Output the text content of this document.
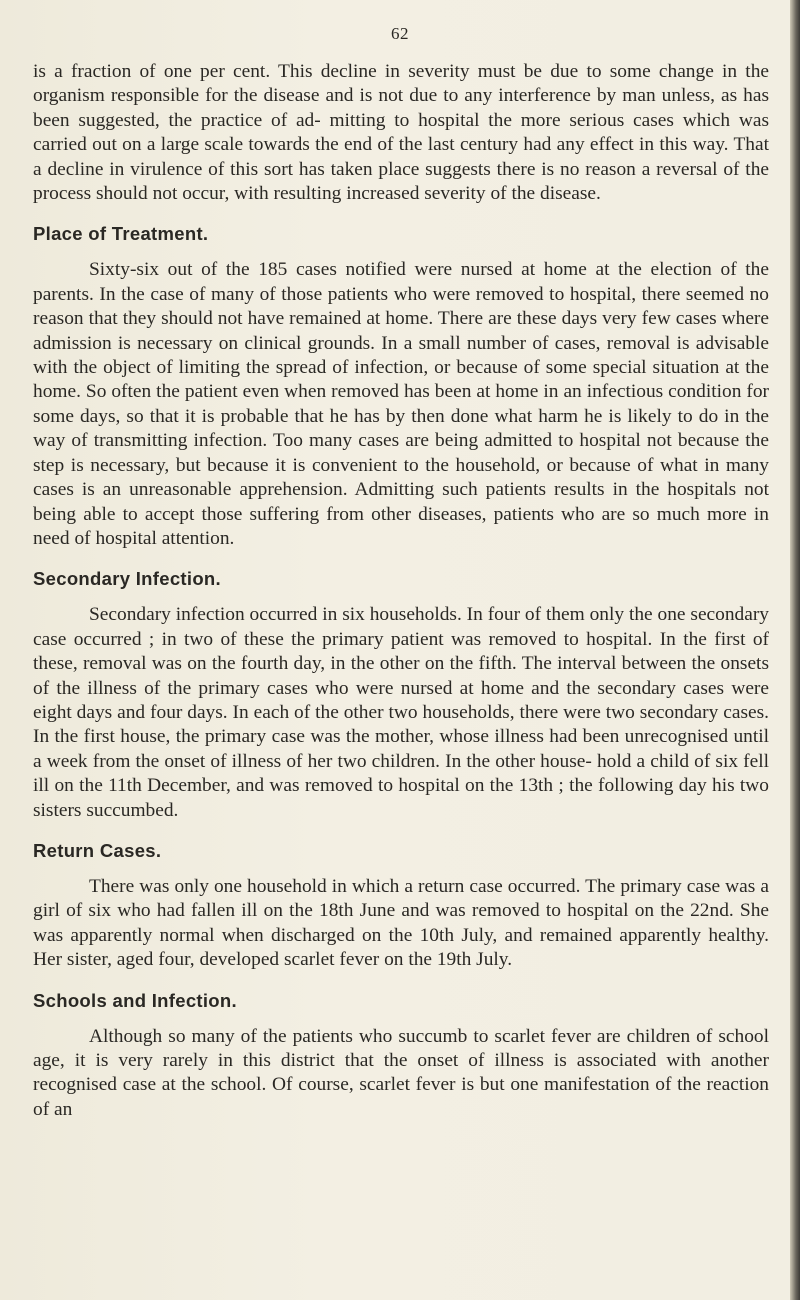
62

is a fraction of one per cent. This decline in severity must be due to some change in the organism responsible for the disease and is not due to any interference by man unless, as has been suggested, the practice of ad- mitting to hospital the more serious cases which was carried out on a large scale towards the end of the last century had any effect in this way. That a decline in virulence of this sort has taken place suggests there is no reason a reversal of the process should not occur, with resulting increased severity of the disease.

Place of Treatment.

Sixty-six out of the 185 cases notified were nursed at home at the election of the parents. In the case of many of those patients who were removed to hospital, there seemed no reason that they should not have remained at home. There are these days very few cases where admission is necessary on clinical grounds. In a small number of cases, removal is advisable with the object of limiting the spread of infection, or because of some special situation at the home. So often the patient even when removed has been at home in an infectious condition for some days, so that it is probable that he has by then done what harm he is likely to do in the way of transmitting infection. Too many cases are being admitted to hospital not because the step is necessary, but because it is convenient to the household, or because of what in many cases is an unreasonable apprehension. Admitting such patients results in the hospitals not being able to accept those suffering from other diseases, patients who are so much more in need of hospital attention.

Secondary Infection.

Secondary infection occurred in six households. In four of them only the one secondary case occurred ; in two of these the primary patient was removed to hospital. In the first of these, removal was on the fourth day, in the other on the fifth. The interval between the onsets of the illness of the primary cases who were nursed at home and the secondary cases were eight days and four days. In each of the other two households, there were two secondary cases. In the first house, the primary case was the mother, whose illness had been unrecognised until a week from the onset of illness of her two children. In the other house- hold a child of six fell ill on the 11th December, and was removed to hospital on the 13th ; the following day his two sisters succumbed.

Return Cases.

There was only one household in which a return case occurred. The primary case was a girl of six who had fallen ill on the 18th June and was removed to hospital on the 22nd. She was apparently normal when discharged on the 10th July, and remained apparently healthy. Her sister, aged four, developed scarlet fever on the 19th July.

Schools and Infection.

Although so many of the patients who succumb to scarlet fever are children of school age, it is very rarely in this district that the onset of illness is associated with another recognised case at the school. Of course, scarlet fever is but one manifestation of the reaction of an
